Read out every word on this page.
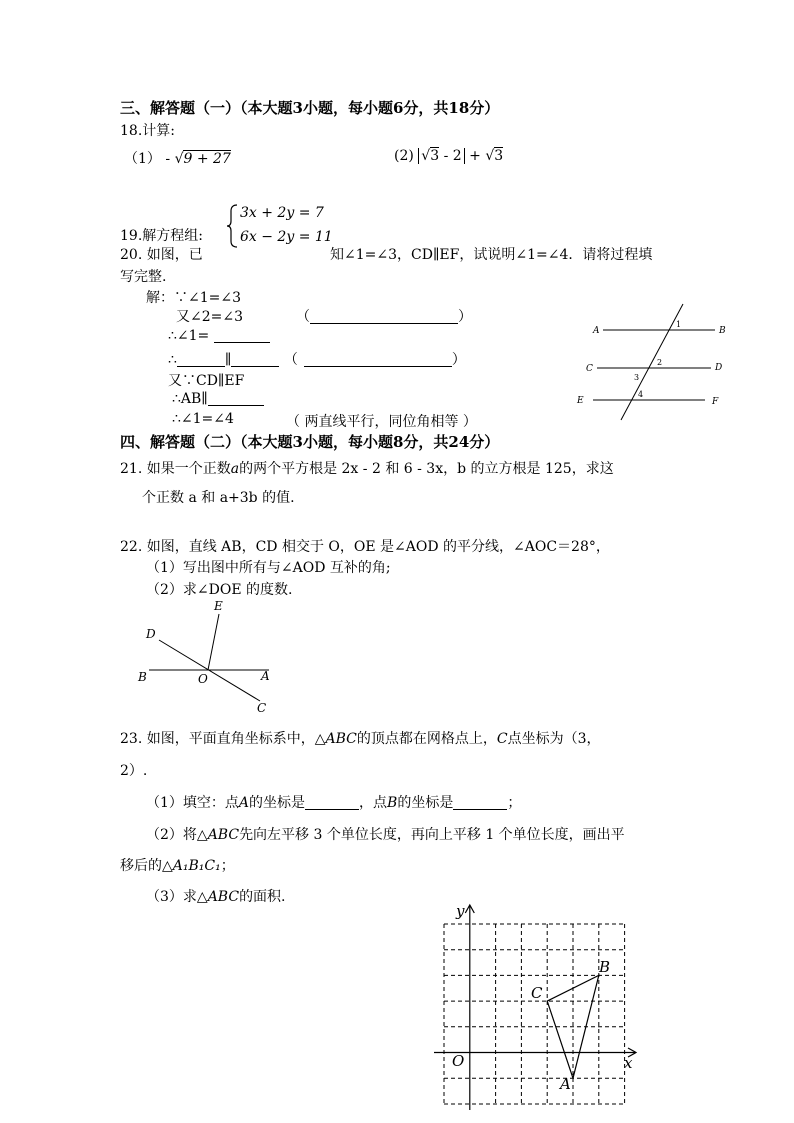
三、解答题（一）（本大题3小题，每小题6分，共18分）
18.计算:
（1） - √9 + 27	(2) √3 - 2 + √3
19.解方程组:
3x + 2y = 7
6x − 2y = 11
20. 如图，已	知∠1=∠3，CD∥EF，试说明∠1=∠4．请将过程填
写完整.
解：∵∠1=∠3
又∠2=∠3	（	）
∴∠1=
∴	∥	（	）
又∵CD∥EF
∴AB∥
∴∠1=∠4	（ 两直线平行，同位角相等 ）
A	B
C	D
E	F
1
2
3
4
四、解答题（二）（本大题3小题，每小题8分，共24分）
21. 如果一个正数a的两个平方根是 2x - 2 和 6 - 3x，b 的立方根是 125，求这
个正数 a 和 a+3b 的值.
22. 如图，直线 AB，CD 相交于 O，OE 是∠AOD 的平分线，∠AOC＝28°，
（1）写出图中所有与∠AOD 互补的角;
（2）求∠DOE 的度数.
E
D
B	O	A
C
23. 如图，平面直角坐标系中，△ABC的顶点都在网格点上，C点坐标为（3，
2）.
（1）填空：点A的坐标是	，点B的坐标是	；
（2）将△ABC先向左平移 3 个单位长度，再向上平移 1 个单位长度，画出平
移后的△A₁B₁C₁；
（3）求△ABC的面积.
y
x
O
A
B
C
